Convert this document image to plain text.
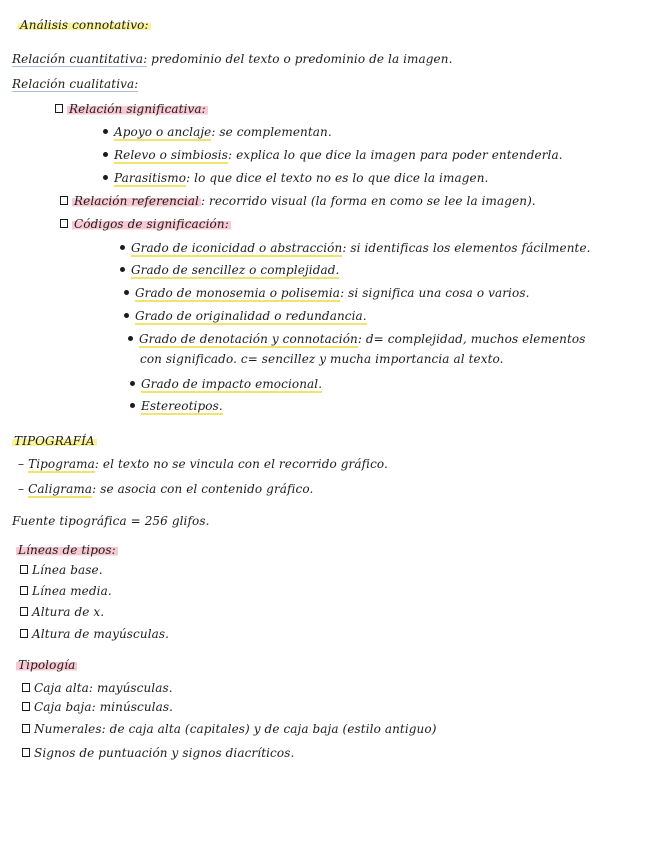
Análisis connotativo:
Relación cuantitativa: predominio del texto o predominio de la imagen.
Relación cualitativa:
Relación significativa:
Apoyo o anclaje: se complementan.
Relevo o simbiosis: explica lo que dice la imagen para poder entenderla.
Parasitismo: lo que dice el texto no es lo que dice la imagen.
Relación referencial : recorrido visual (la forma en como se lee la imagen).
Códigos de significación:
Grado de iconicidad o abstracción: si identificas los elementos fácilmente.
Grado de sencillez o complejidad.
Grado de monosemia o polisemia: si significa una cosa o varios.
Grado de originalidad o redundancia.
Grado de denotación y connotación: d= complejidad, muchos elementos
con significado. c= sencillez y mucha importancia al texto.
Grado de impacto emocional.
Estereotipos.
TIPOGRAFÍA
– Tipograma: el texto no se vincula con el recorrido gráfico.
– Caligrama: se asocia con el contenido gráfico.
Fuente tipográfica = 256 glifos.
Líneas de tipos:
Línea base.
Línea media.
Altura de x.
Altura de mayúsculas.
Tipología
Caja alta: mayúsculas.
Caja baja: minúsculas.
Numerales: de caja alta (capitales) y de caja baja (estilo antiguo)
Signos de puntuación y signos diacríticos.
